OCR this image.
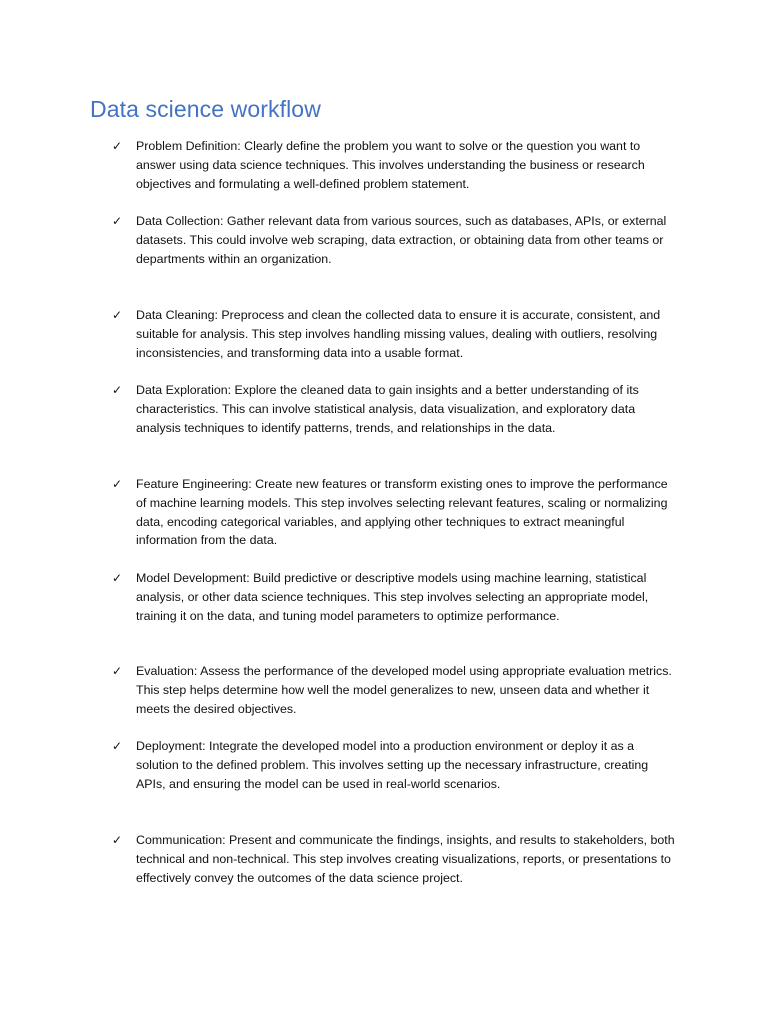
Data science workflow
✓	Problem Definition: Clearly define the problem you want to solve or the question you want to answer using data science techniques. This involves understanding the business or research objectives and formulating a well-defined problem statement.

✓	Data Collection: Gather relevant data from various sources, such as databases, APIs, or external datasets. This could involve web scraping, data extraction, or obtaining data from other teams or departments within an organization.

✓	Data Cleaning: Preprocess and clean the collected data to ensure it is accurate, consistent, and suitable for analysis. This step involves handling missing values, dealing with outliers, resolving inconsistencies, and transforming data into a usable format.

✓	Data Exploration: Explore the cleaned data to gain insights and a better understanding of its characteristics. This can involve statistical analysis, data visualization, and exploratory data analysis techniques to identify patterns, trends, and relationships in the data.

✓	Feature Engineering: Create new features or transform existing ones to improve the performance of machine learning models. This step involves selecting relevant features, scaling or normalizing data, encoding categorical variables, and applying other techniques to extract meaningful information from the data.

✓	Model Development: Build predictive or descriptive models using machine learning, statistical analysis, or other data science techniques. This step involves selecting an appropriate model, training it on the data, and tuning model parameters to optimize performance.

✓	Evaluation: Assess the performance of the developed model using appropriate evaluation metrics. This step helps determine how well the model generalizes to new, unseen data and whether it meets the desired objectives.

✓	Deployment: Integrate the developed model into a production environment or deploy it as a solution to the defined problem. This involves setting up the necessary infrastructure, creating APIs, and ensuring the model can be used in real-world scenarios.

✓	Communication: Present and communicate the findings, insights, and results to stakeholders, both technical and non-technical. This step involves creating visualizations, reports, or presentations to effectively convey the outcomes of the data science project.
